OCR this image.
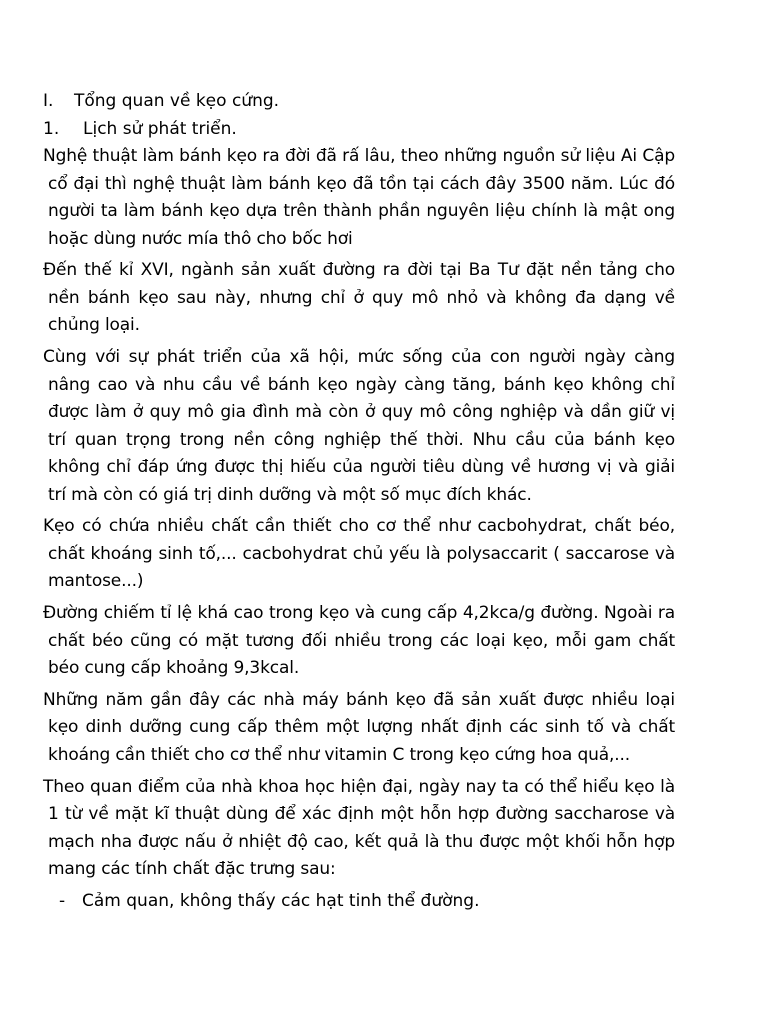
I.	Tổng quan về kẹo cứng.
1.	Lịch sử phát triển.

Nghệ thuật làm bánh kẹo ra đời đã rấ lâu, theo những nguồn sử liệu Ai Cập cổ đại thì nghệ thuật làm bánh kẹo đã tồn tại cách đây 3500 năm. Lúc đó người ta làm bánh kẹo dựa trên thành phần nguyên liệu chính là mật ong hoặc dùng nước mía thô cho bốc hơi

Đến thế kỉ XVI, ngành sản xuất đường ra đời tại Ba Tư đặt nền tảng cho nền bánh kẹo sau này, nhưng chỉ ở quy mô nhỏ và không đa dạng về chủng loại.

Cùng với sự phát triển của xã hội, mức sống của con người ngày càng nâng cao và nhu cầu về bánh kẹo ngày càng tăng, bánh kẹo không chỉ được làm ở quy mô gia đình mà còn ở quy mô công nghiệp và dần giữ vị trí quan trọng trong nền công nghiệp thế thời. Nhu cầu của bánh kẹo không chỉ đáp ứng được thị hiếu của người tiêu dùng về hương vị và giải trí mà còn có giá trị dinh dưỡng và một số mục đích khác.

Kẹo có chứa nhiều chất cần thiết cho cơ thể như cacbohydrat, chất béo, chất khoáng sinh tố,... cacbohydrat chủ yếu là polysaccarit ( saccarose và mantose...)

Đường chiếm tỉ lệ khá cao trong kẹo và cung cấp 4,2kca/g đường. Ngoài ra chất béo cũng có mặt tương đối nhiều trong các loại kẹo, mỗi gam chất béo cung cấp khoảng 9,3kcal.

Những năm gần đây các nhà máy bánh kẹo đã sản xuất được nhiều loại kẹo dinh dưỡng cung cấp thêm một lượng nhất định các sinh tố và chất khoáng cần thiết cho cơ thể như vitamin C trong kẹo cứng hoa quả,...

Theo quan điểm của nhà khoa học hiện đại, ngày nay ta có thể hiểu kẹo là 1 từ về mặt kĩ thuật dùng để xác định một hỗn hợp đường saccharose và mạch nha được nấu ở nhiệt độ cao, kết quả là thu được một khối hỗn hợp mang các tính chất đặc trưng sau:

- Cảm quan, không thấy các hạt tinh thể đường.
